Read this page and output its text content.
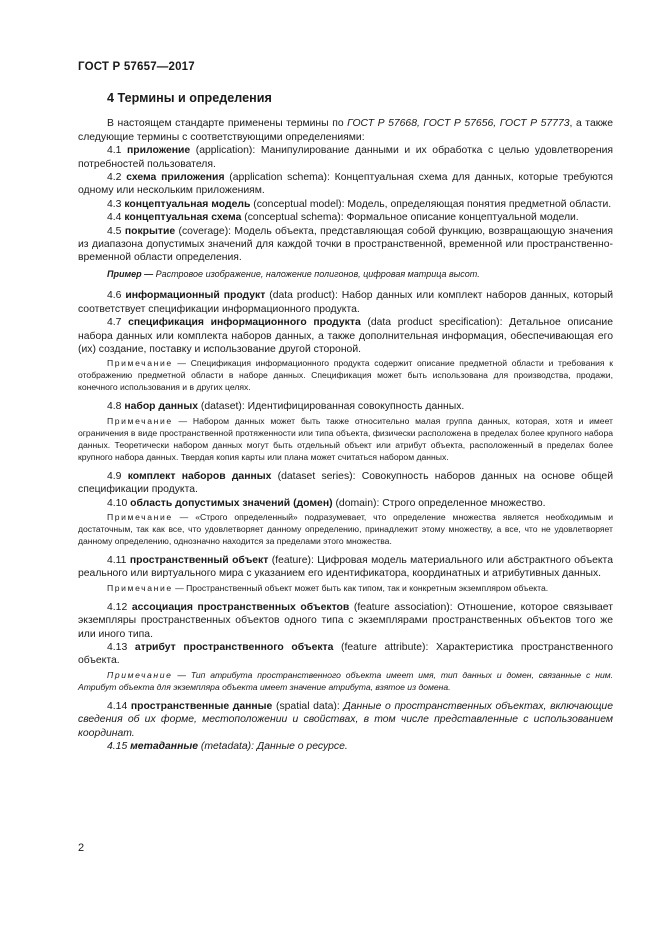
ГОСТ Р 57657—2017
4 Термины и определения

В настоящем стандарте применены термины по ГОСТ Р 57668, ГОСТ Р 57656, ГОСТ Р 57773, а также следующие термины с соответствующими определениями:

4.1 приложение (application): Манипулирование данными и их обработка с целью удовлетворения потребностей пользователя.

4.2 схема приложения (application schema): Концептуальная схема для данных, которые требуются одному или нескольким приложениям.

4.3 концептуальная модель (conceptual model): Модель, определяющая понятия предметной области.

4.4 концептуальная схема (conceptual schema): Формальное описание концептуальной модели.

4.5 покрытие (coverage): Модель объекта, представляющая собой функцию, возвращающую значения из диапазона допустимых значений для каждой точки в пространственной, временной или пространственно-временной области определения.

Пример — Растровое изображение, наложение полигонов, цифровая матрица высот.

4.6 информационный продукт (data product): Набор данных или комплект наборов данных, который соответствует спецификации информационного продукта.

4.7 спецификация информационного продукта (data product specification): Детальное описание набора данных или комплекта наборов данных, а также дополнительная информация, обеспечивающая его (их) создание, поставку и использование другой стороной.

Примечание — Спецификация информационного продукта содержит описание предметной области и требования к отображению предметной области в наборе данных. Спецификация может быть использована для производства, продажи, конечного использования и в других целях.

4.8 набор данных (dataset): Идентифицированная совокупность данных.

Примечание — Набором данных может быть также относительно малая группа данных, которая, хотя и имеет ограничения в виде пространственной протяженности или типа объекта, физически расположена в пределах более крупного набора данных. Теоретически набором данных могут быть отдельный объект или атрибут объекта, расположенный в пределах более крупного набора данных. Твердая копия карты или плана может считаться набором данных.

4.9 комплект наборов данных (dataset series): Совокупность наборов данных на основе общей спецификации продукта.

4.10 область допустимых значений (домен) (domain): Строго определенное множество.

Примечание — «Строго определенный» подразумевает, что определение множества является необходимым и достаточным, так как все, что удовлетворяет данному определению, принадлежит этому множеству, а все, что не удовлетворяет данному определению, однозначно находится за пределами этого множества.

4.11 пространственный объект (feature): Цифровая модель материального или абстрактного объекта реального или виртуального мира с указанием его идентификатора, координатных и атрибутивных данных.

Примечание — Пространственный объект может быть как типом, так и конкретным экземпляром объекта.

4.12 ассоциация пространственных объектов (feature association): Отношение, которое связывает экземпляры пространственных объектов одного типа с экземплярами пространственных объектов того же или иного типа.

4.13 атрибут пространственного объекта (feature attribute): Характеристика пространственного объекта.

Примечание — Тип атрибута пространственного объекта имеет имя, тип данных и домен, связанные с ним. Атрибут объекта для экземпляра объекта имеет значение атрибута, взятое из домена.

4.14 пространственные данные (spatial data): Данные о пространственных объектах, включающие сведения об их форме, местоположении и свойствах, в том числе представленные с использованием координат.

4.15 метаданные (metadata): Данные о ресурсе.

2
